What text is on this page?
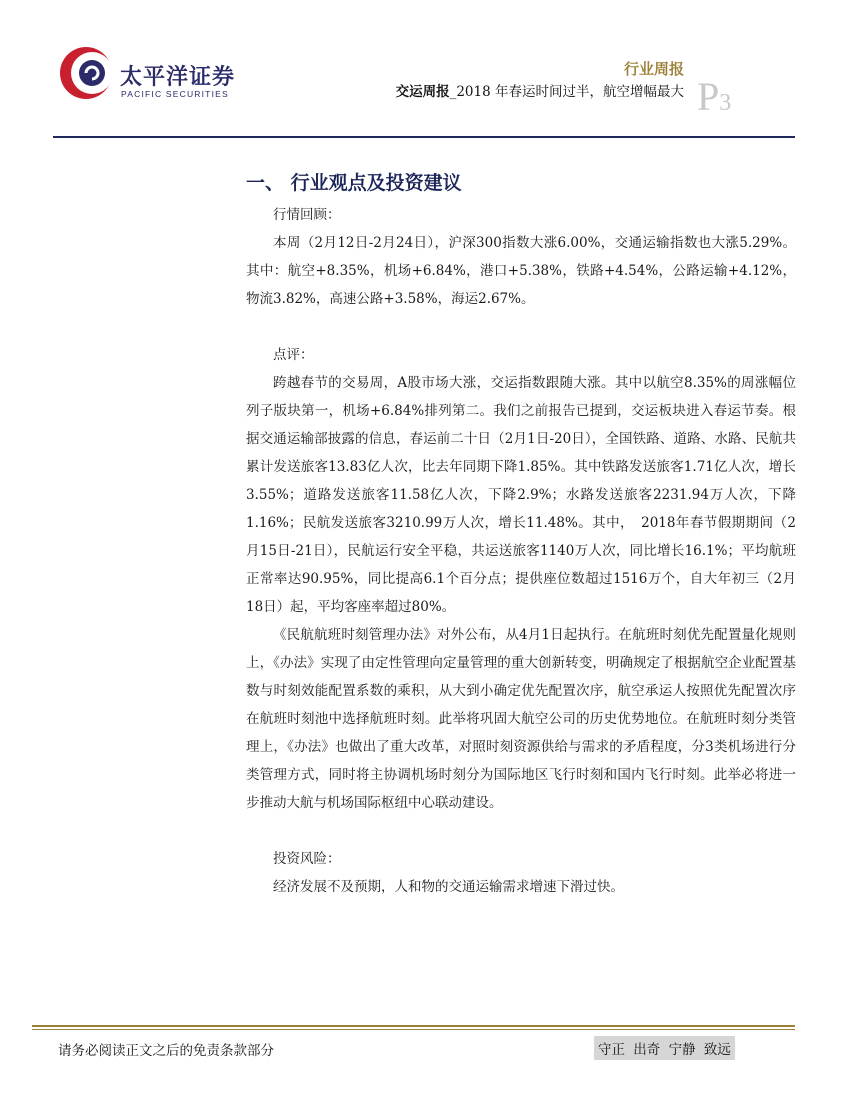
太平洋证券
PACIFIC SECURITIES
行业周报
交运周报_2018 年春运时间过半，航空增幅最大 P3
一、 行业观点及投资建议

行情回顾：

本周（2月12日-2月24日），沪深300指数大涨6.00%，交通运输指数也大涨5.29%。其中：航空+8.35%，机场+6.84%，港口+5.38%，铁路+4.54%，公路运输+4.12%，物流3.82%，高速公路+3.58%，海运2.67%。

点评：

跨越春节的交易周，A股市场大涨，交运指数跟随大涨。其中以航空8.35%的周涨幅位列子版块第一，机场+6.84%排列第二。我们之前报告已提到，交运板块进入春运节奏。根据交通运输部披露的信息，春运前二十日（2月1日-20日），全国铁路、道路、水路、民航共累计发送旅客13.83亿人次，比去年同期下降1.85%。其中铁路发送旅客1.71亿人次，增长3.55%；道路发送旅客11.58亿人次，下降2.9%；水路发送旅客2231.94万人次，下降1.16%；民航发送旅客3210.99万人次，增长11.48%。其中，　2018年春节假期期间（2月15日-21日），民航运行安全平稳，共运送旅客1140万人次，同比增长16.1%；平均航班正常率达90.95%，同比提高6.1个百分点；提供座位数超过1516万个，自大年初三（2月18日）起，平均客座率超过80%。

《民航航班时刻管理办法》对外公布，从4月1日起执行。在航班时刻优先配置量化规则上，《办法》实现了由定性管理向定量管理的重大创新转变，明确规定了根据航空企业配置基数与时刻效能配置系数的乘积，从大到小确定优先配置次序，航空承运人按照优先配置次序在航班时刻池中选择航班时刻。此举将巩固大航空公司的历史优势地位。在航班时刻分类管理上，《办法》也做出了重大改革，对照时刻资源供给与需求的矛盾程度，分3类机场进行分类管理方式，同时将主协调机场时刻分为国际地区飞行时刻和国内飞行时刻。此举必将进一步推动大航与机场国际枢纽中心联动建设。

投资风险：

经济发展不及预期，人和物的交通运输需求增速下滑过快。

请务必阅读正文之后的免责条款部分	守正 出奇 宁静 致远
